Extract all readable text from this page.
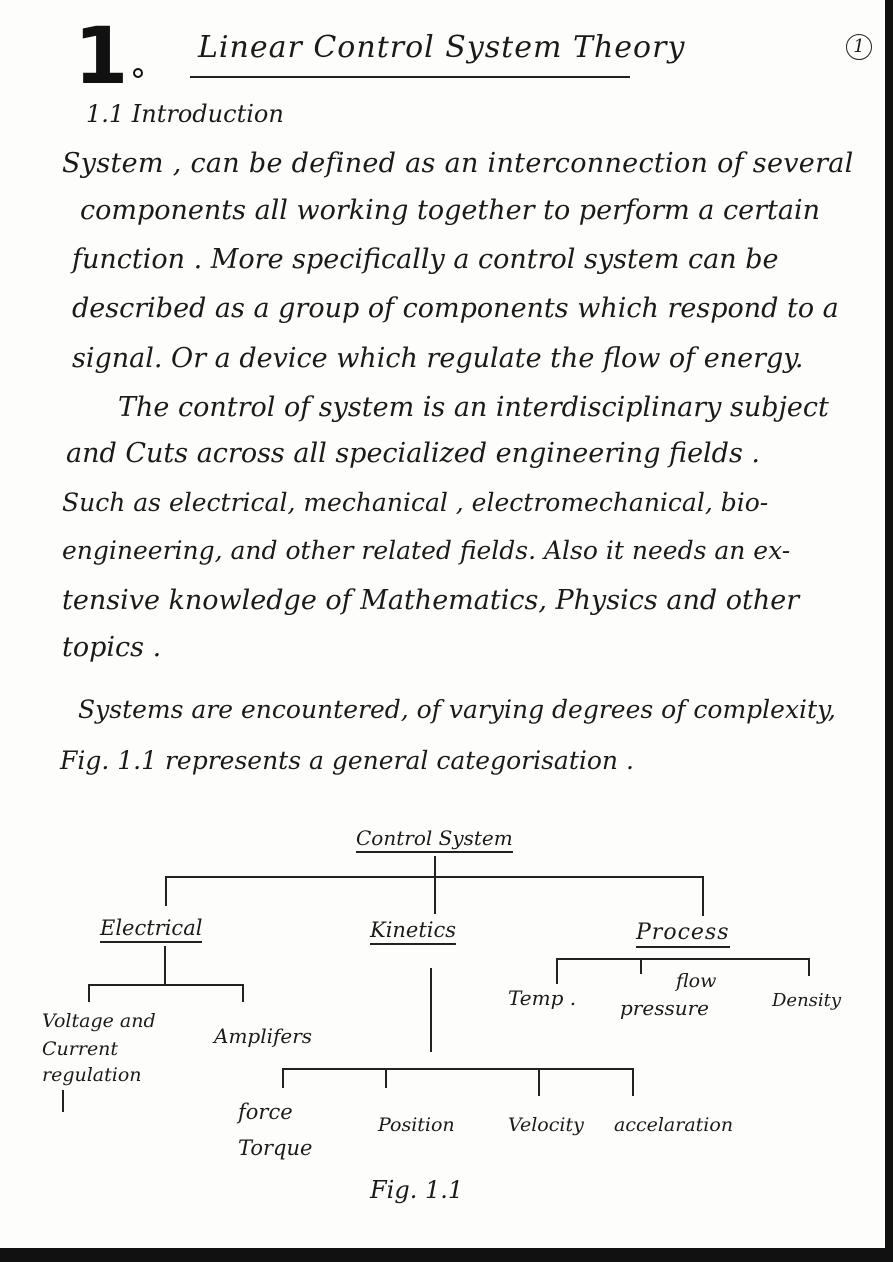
1 Linear Control System Theory	1
1.1 Introduction
System , can be defined as an interconnection of several
components all working together to perform a certain
function . More specifically a control system can be
described as a group of components which respond to a
signal. Or a device which regulate the flow of energy.
The control of system is an interdisciplinary subject
and Cuts across all specialized engineering fields .
Such as electrical, mechanical , electromechanical, bio-
engineering, and other related fields. Also it needs an ex-
tensive knowledge of Mathematics, Physics and other
topics .
Systems are encountered, of varying degrees of complexity,
Fig. 1.1 represents a general categorisation .
Control System
Electrical
Voltage and
Current
regulation
Amplifers
Kinetics
force
Torque
Position	Velocity accelaration
Process
Temp .
flow
pressure	Density
Fig. 1.1
